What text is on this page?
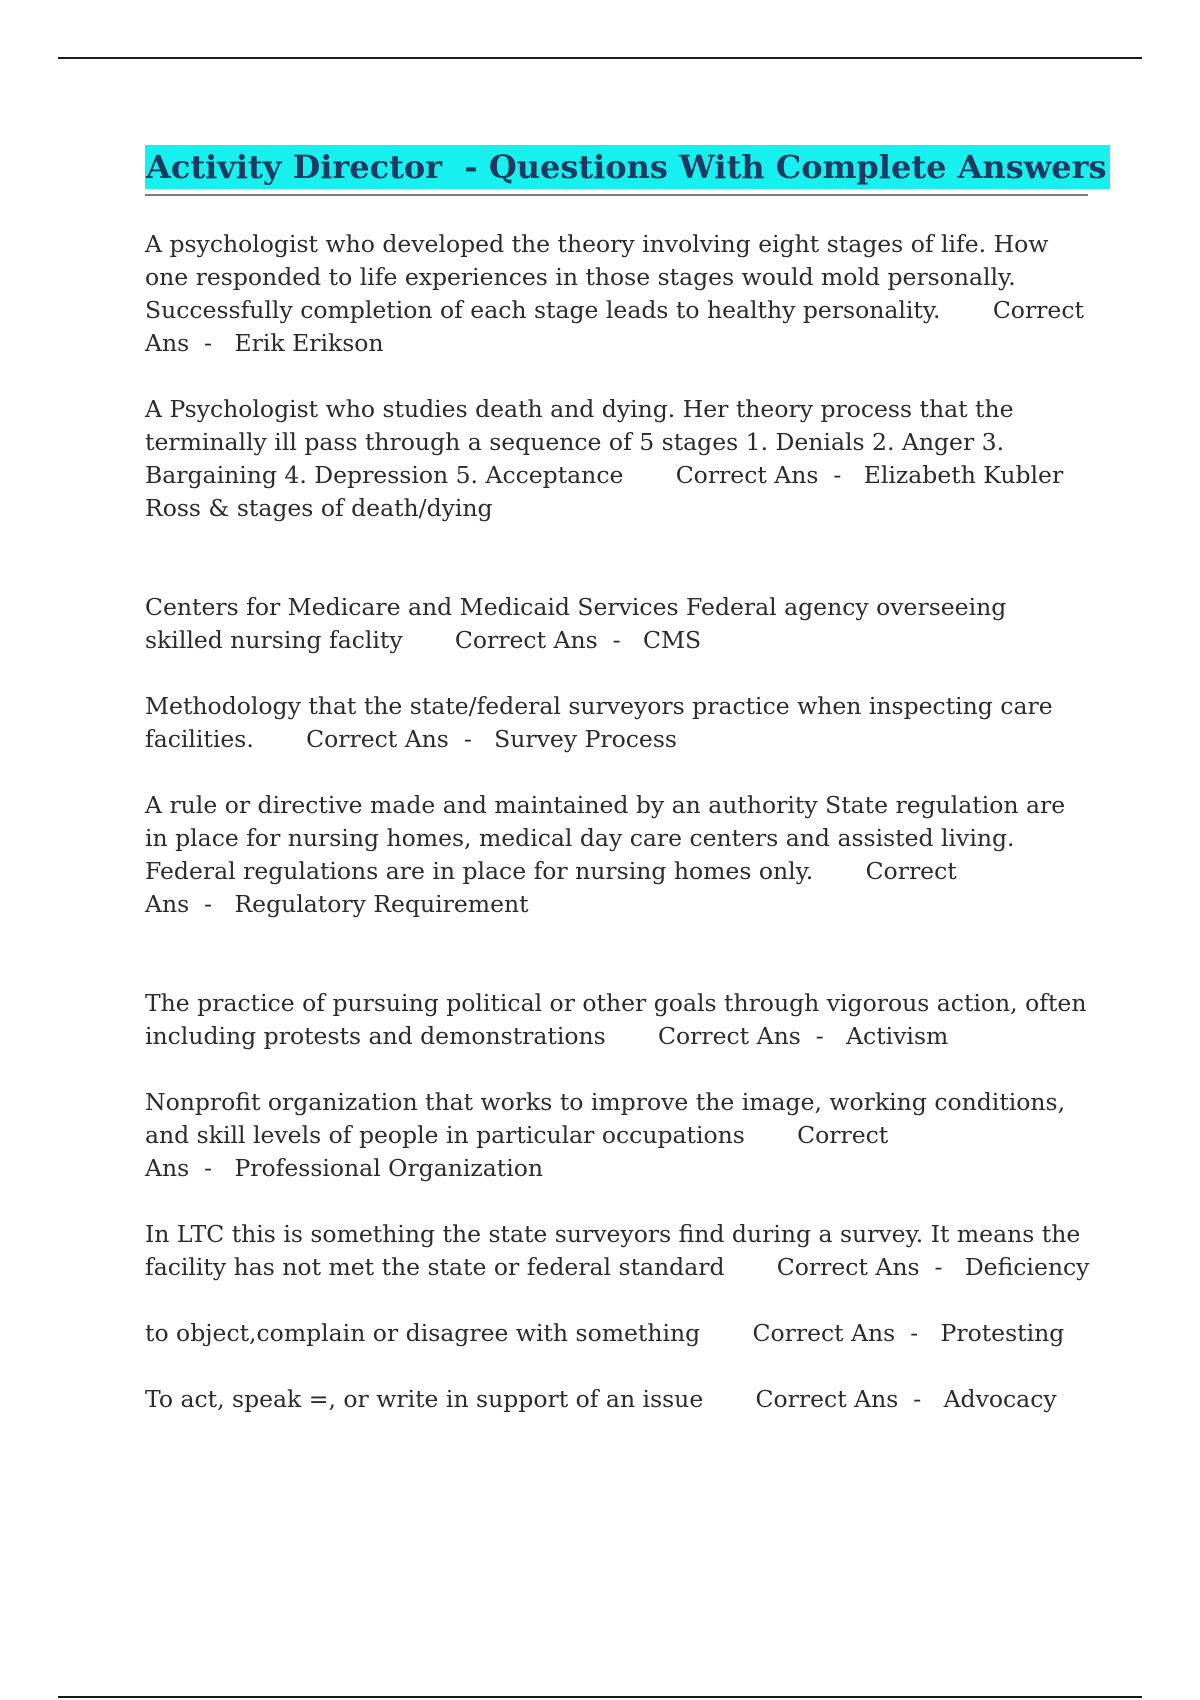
Activity Director  - Questions With Complete Answers

A psychologist who developed the theory involving eight stages of life. How one responded to life experiences in those stages would mold personally. Successfully completion of each stage leads to healthy personality. Correct Ans  -   Erik Erikson

A Psychologist who studies death and dying. Her theory process that the terminally ill pass through a sequence of 5 stages 1. Denials 2. Anger 3. Bargaining 4. Depression 5. Acceptance Correct Ans  -   Elizabeth Kubler Ross & stages of death/dying

Centers for Medicare and Medicaid Services Federal agency overseeing skilled nursing faclity Correct Ans  -   CMS

Methodology that the state/federal surveyors practice when inspecting care facilities. Correct Ans  -   Survey Process

A rule or directive made and maintained by an authority State regulation are in place for nursing homes, medical day care centers and assisted living. Federal regulations are in place for nursing homes only. Correct Ans  -   Regulatory Requirement

The practice of pursuing political or other goals through vigorous action, often including protests and demonstrations Correct Ans  -   Activism

Nonprofit organization that works to improve the image, working conditions, and skill levels of people in particular occupations Correct Ans  -   Professional Organization

In LTC this is something the state surveyors find during a survey. It means the facility has not met the state or federal standard Correct Ans  -   Deficiency

to object,complain or disagree with something Correct Ans  -   Protesting

To act, speak =, or write in support of an issue Correct Ans  -   Advocacy
